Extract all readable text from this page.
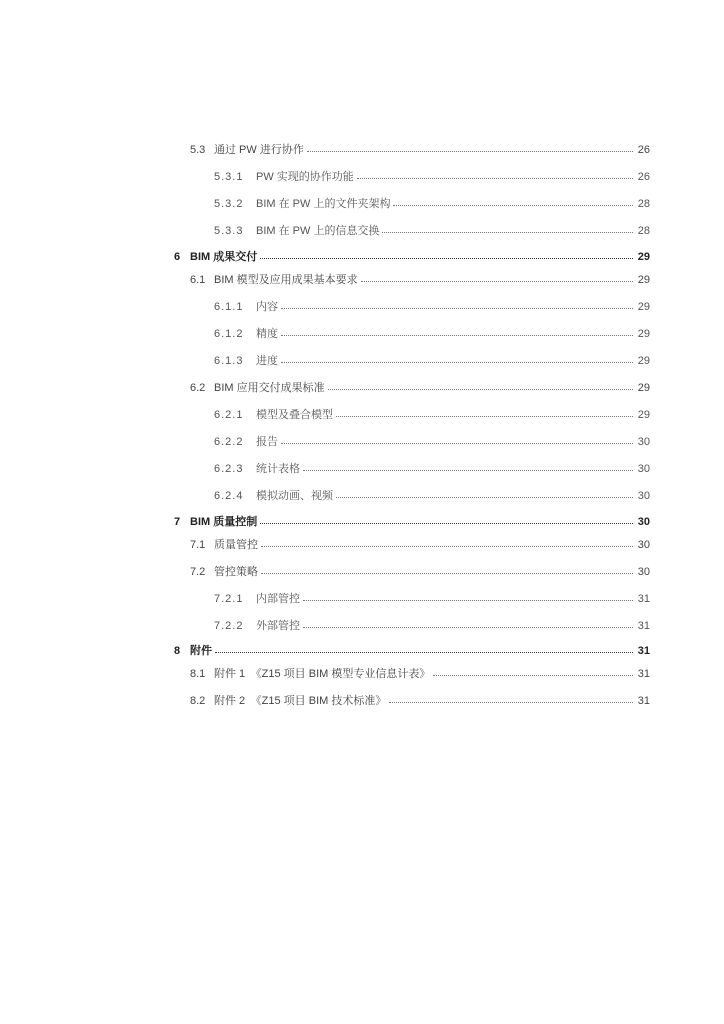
5.3 通过 PW 进行协作	26
5.3.1	PW 实现的协作功能	26
5.3.2	BIM 在 PW 上的文件夹架构	28
5.3.3	BIM 在 PW 上的信息交换	28
6 BIM 成果交付	29
6.1 BIM 模型及应用成果基本要求	29
6.1.1	内容	29
6.1.2	精度	29
6.1.3	进度	29
6.2 BIM 应用交付成果标准	29
6.2.1	模型及叠合模型	29
6.2.2	报告	30
6.2.3	统计表格	30
6.2.4	模拟动画、视频	30
7 BIM 质量控制	30
7.1 质量管控	30
7.2 管控策略	30
7.2.1	内部管控	31
7.2.2	外部管控	31
8 附件	31
8.1 附件 1　《Z15 项目 BIM 模型专业信息计表》	31
8.2 附件 2　《Z15 项目 BIM 技术标准》	31
